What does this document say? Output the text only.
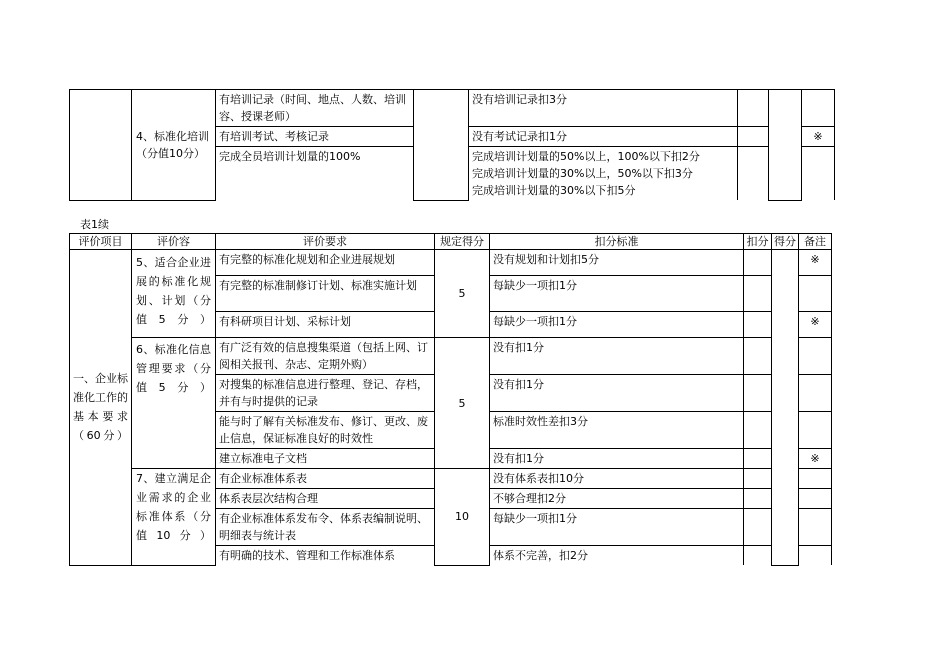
	4、标准化培训（分值10分）	有培训记录（时间、地点、人数、培训容、授课老师）		没有培训记录扣3分			
		有培训考试、考核记录		没有考试记录扣1分			※
		完成全员培训计划量的100%		完成培训计划量的50%以上，100%以下扣2分
完成培训计划量的30%以上，50%以下扣3分
完成培训计划量的30%以下扣5分			
表1续
评价项目	评价容	评价要求	规定得分	扣分标准	扣分	得分	备注
一、企业标准化工作的基本要求（60分）	5、适合企业进展的标准化规划、计划（分值5分）	有完整的标准化规划和企业进展规划	5	没有规划和计划扣5分			※
		有完整的标准制修订计划、标准实施计划		每缺少一项扣1分			
		有科研项目计划、采标计划		每缺少一项扣1分			※
	6、标准化信息管理要求（分值5分）	有广泛有效的信息搜集渠道（包括上网、订阅相关报刊、杂志、定期外购）	5	没有扣1分			
		对搜集的标准信息进行整理、登记、存档，并有与时提供的记录		没有扣1分			
		能与时了解有关标准发布、修订、更改、废止信息，保证标准良好的时效性		标准时效性差扣3分			
		建立标准电子文档		没有扣1分			※
	7、建立满足企业需求的企业标准体系（分值10分）	有企业标准体系表	10	没有体系表扣10分			
		体系表层次结构合理		不够合理扣2分			
		有企业标准体系发布令、体系表编制说明、明细表与统计表		每缺少一项扣1分			
		有明确的技术、管理和工作标准体系		体系不完善，扣2分			
